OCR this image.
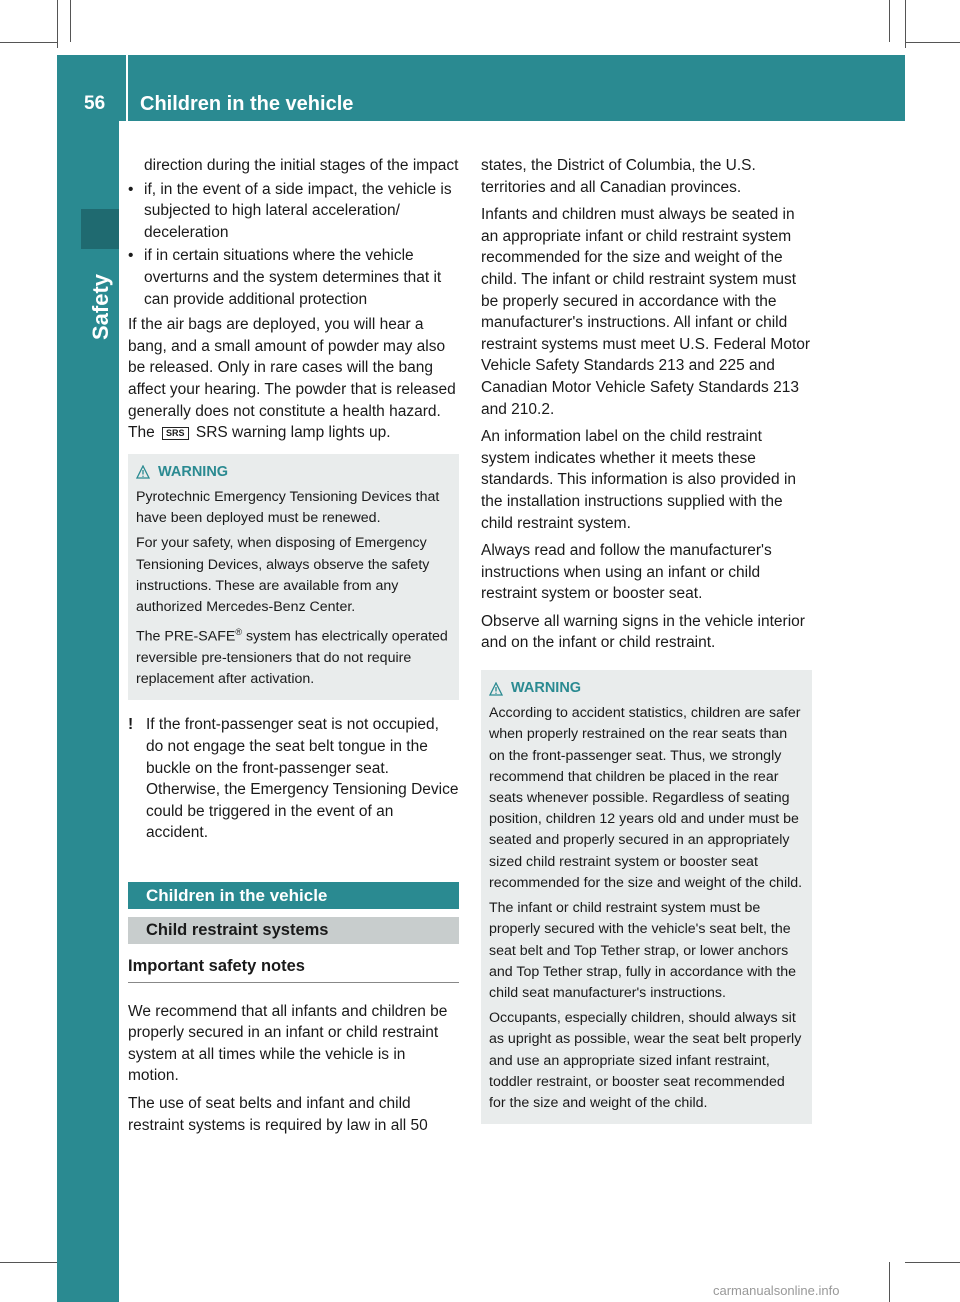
56 Children in the vehicle
Safety

direction during the initial stages of the impact

• if, in the event of a side impact, the vehicle is subjected to high lateral acceleration/ deceleration
• if in certain situations where the vehicle overturns and the system determines that it can provide additional protection

If the air bags are deployed, you will hear a bang, and a small amount of powder may also be released. Only in rare cases will the bang affect your hearing. The powder that is released generally does not constitute a health hazard. The SRS SRS warning lamp lights up.

WARNING

Pyrotechnic Emergency Tensioning Devices that have been deployed must be renewed.

For your safety, when disposing of Emergency Tensioning Devices, always observe the safety instructions. These are available from any authorized Mercedes-Benz Center.

The PRE-SAFE® system has electrically operated reversible pre-tensioners that do not require replacement after activation.

! If the front-passenger seat is not occupied, do not engage the seat belt tongue in the buckle on the front-passenger seat. Otherwise, the Emergency Tensioning Device could be triggered in the event of an accident.
Children in the vehicle
Child restraint systems
Important safety notes

We recommend that all infants and children be properly secured in an infant or child restraint system at all times while the vehicle is in motion.

The use of seat belts and infant and child restraint systems is required by law in all 50

states, the District of Columbia, the U.S. territories and all Canadian provinces.

Infants and children must always be seated in an appropriate infant or child restraint system recommended for the size and weight of the child. The infant or child restraint system must be properly secured in accordance with the manufacturer's instructions. All infant or child restraint systems must meet U.S. Federal Motor Vehicle Safety Standards 213 and 225 and Canadian Motor Vehicle Safety Standards 213 and 210.2.

An information label on the child restraint system indicates whether it meets these standards. This information is also provided in the installation instructions supplied with the child restraint system.

Always read and follow the manufacturer's instructions when using an infant or child restraint system or booster seat.

Observe all warning signs in the vehicle interior and on the infant or child restraint.

WARNING

According to accident statistics, children are safer when properly restrained on the rear seats than on the front-passenger seat. Thus, we strongly recommend that children be placed in the rear seats whenever possible. Regardless of seating position, children 12 years old and under must be seated and properly secured in an appropriately sized child restraint system or booster seat recommended for the size and weight of the child.

The infant or child restraint system must be properly secured with the vehicle's seat belt, the seat belt and Top Tether strap, or lower anchors and Top Tether strap, fully in accordance with the child seat manufacturer's instructions.

Occupants, especially children, should always sit as upright as possible, wear the seat belt properly and use an appropriate sized infant restraint, toddler restraint, or booster seat recommended for the size and weight of the child.

carmanualsonline.info
